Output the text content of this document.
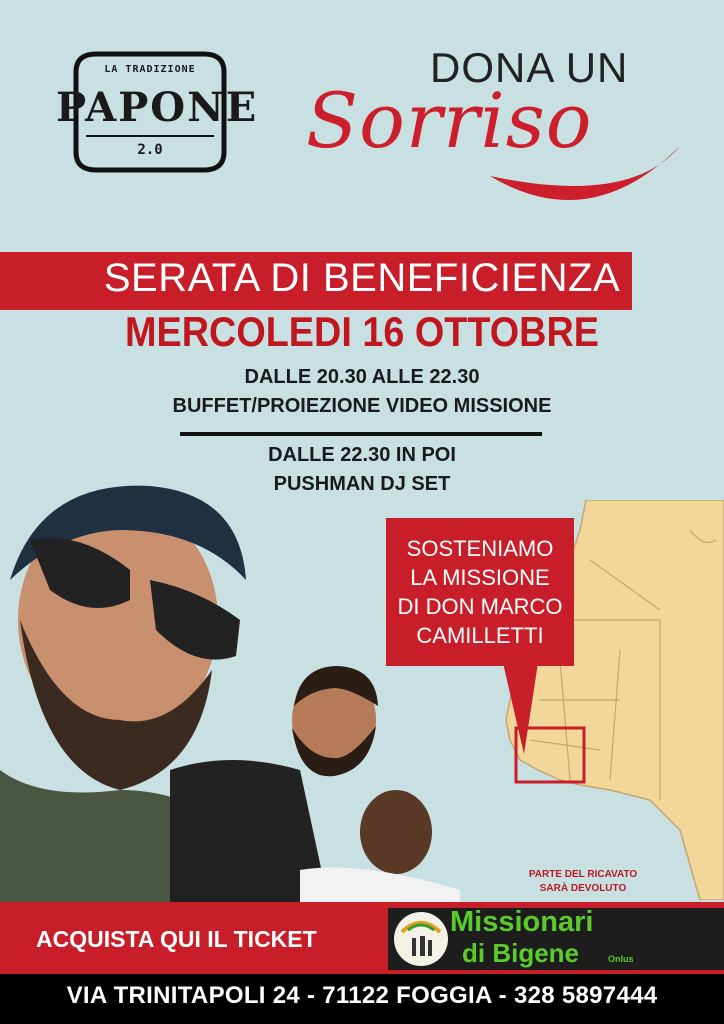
LA TRADIZIONE
PAPONE
2.0
DONA UN
Sorriso
SERATA DI BENEFICIENZA
MERCOLEDI 16 OTTOBRE
DALLE 20.30 ALLE 22.30
BUFFET/PROIEZIONE VIDEO MISSIONE
DALLE 22.30 IN POI
PUSHMAN DJ SET
SOSTENIAMO
LA MISSIONE
DI DON MARCO
CAMILLETTI
PARTE DEL RICAVATO
SARÀ DEVOLUTO
ACQUISTA QUI IL TICKET
Missionari
di Bigene	Onlus
VIA TRINITAPOLI 24 - 71122 FOGGIA - 328 5897444
